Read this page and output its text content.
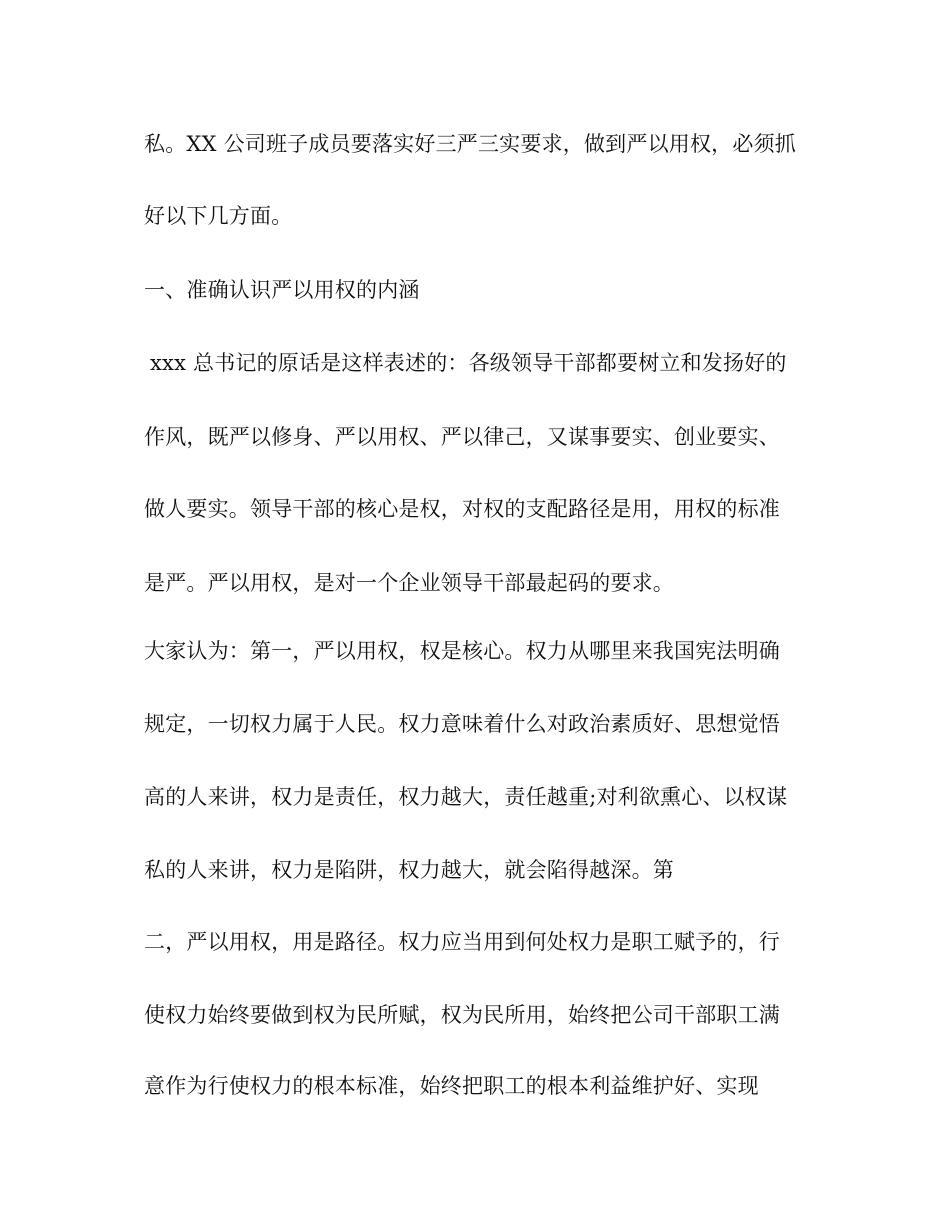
私。XX 公司班子成员要落实好三严三实要求，做到严以用权，必须抓
好以下几方面。
一、准确认识严以用权的内涵
xxx 总书记的原话是这样表述的：各级领导干部都要树立和发扬好的
作风，既严以修身、严以用权、严以律己，又谋事要实、创业要实、
做人要实。领导干部的核心是权，对权的支配路径是用，用权的标准
是严。严以用权，是对一个企业领导干部最起码的要求。
大家认为：第一，严以用权，权是核心。权力从哪里来我国宪法明确
规定，一切权力属于人民。权力意味着什么对政治素质好、思想觉悟
高的人来讲，权力是责任，权力越大，责任越重;对利欲熏心、以权谋
私的人来讲，权力是陷阱，权力越大，就会陷得越深。第
二，严以用权，用是路径。权力应当用到何处权力是职工赋予的，行
使权力始终要做到权为民所赋，权为民所用，始终把公司干部职工满
意作为行使权力的根本标准，始终把职工的根本利益维护好、实现
